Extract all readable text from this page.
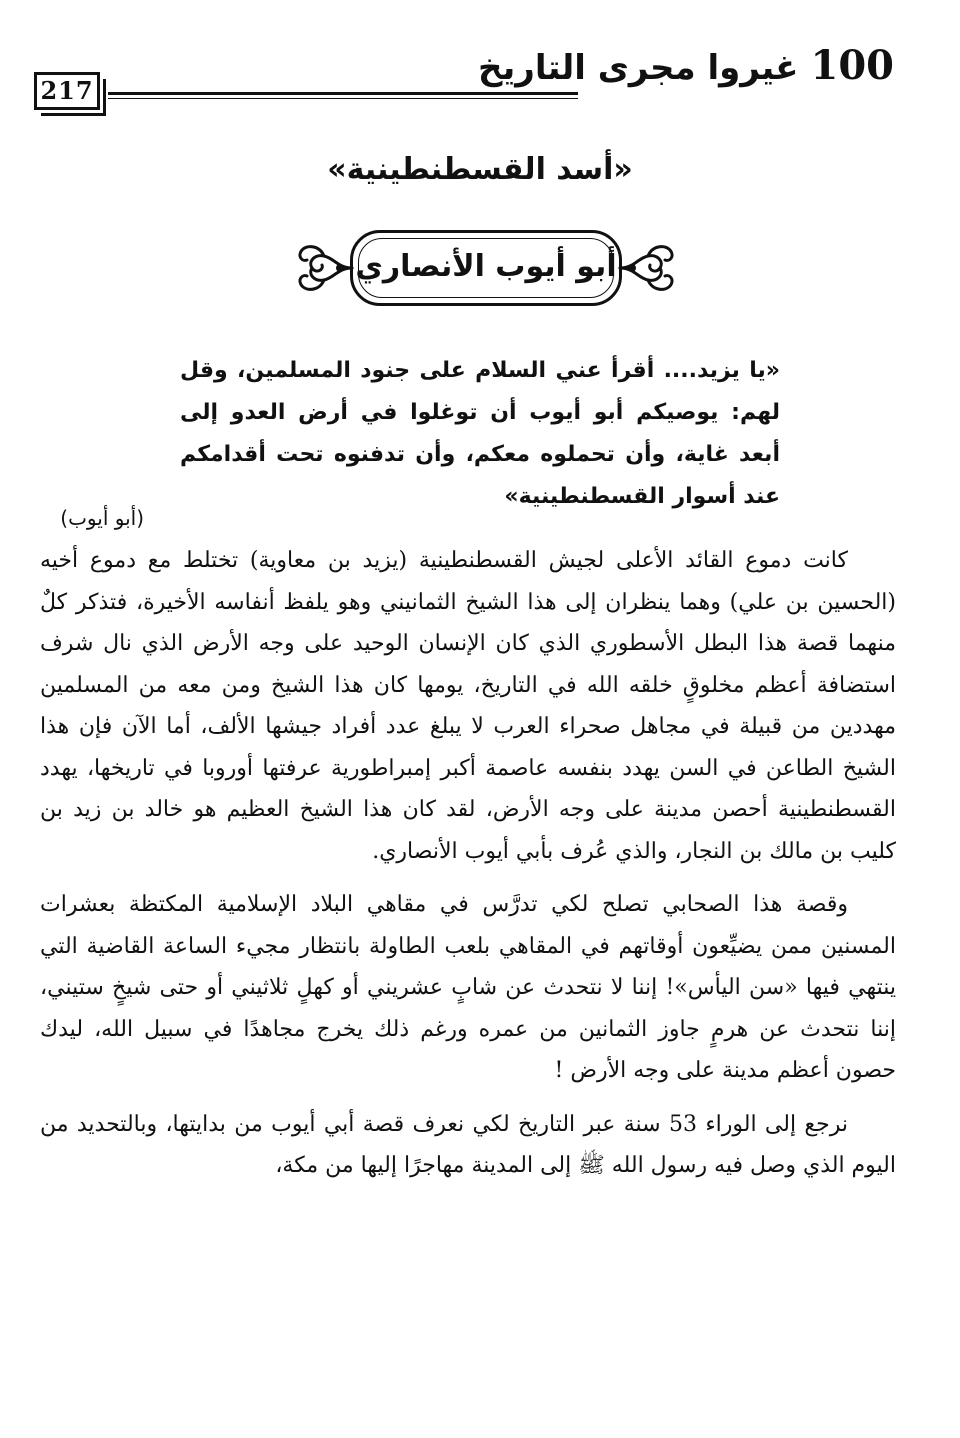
217
100غيروا مجرى التاريخ
«أسد القسطنطينية»
أبو أيوب الأنصاري
«يا يزيد.... أقرأ عني السلام على جنود المسلمين، وقل لهم: يوصيكم أبو أيوب أن توغلوا في أرض العدو إلى أبعد غاية، وأن تحملوه معكم، وأن تدفنوه تحت أقدامكم عند أسوار القسطنطينية»
(أبو أيوب)

كانت دموع القائد الأعلى لجيش القسطنطينية (يزيد بن معاوية) تختلط مع دموع أخيه (الحسين بن علي) وهما ينظران إلى هذا الشيخ الثمانيني وهو يلفظ أنفاسه الأخيرة، فتذكر كلٌ منهما قصة هذا البطل الأسطوري الذي كان الإنسان الوحيد على وجه الأرض الذي نال شرف استضافة أعظم مخلوقٍ خلقه الله في التاريخ، يومها كان هذا الشيخ ومن معه من المسلمين مهددين من قبيلة في مجاهل صحراء العرب لا يبلغ عدد أفراد جيشها الألف، أما الآن فإن هذا الشيخ الطاعن في السن يهدد بنفسه عاصمة أكبر إمبراطورية عرفتها أوروبا في تاريخها، يهدد القسطنطينية أحصن مدينة على وجه الأرض، لقد كان هذا الشيخ العظيم هو خالد بن زيد بن كليب بن مالك بن النجار، والذي عُرف بأبي أيوب الأنصاري.

وقصة هذا الصحابي تصلح لكي تدرَّس في مقاهي البلاد الإسلامية المكتظة بعشرات المسنين ممن يضيِّعون أوقاتهم في المقاهي بلعب الطاولة بانتظار مجيء الساعة القاضية التي ينتهي فيها «سن اليأس»! إننا لا نتحدث عن شابٍ عشريني أو كهلٍ ثلاثيني أو حتى شيخٍ ستيني، إننا نتحدث عن هرمٍ جاوز الثمانين من عمره ورغم ذلك يخرج مجاهدًا في سبيل الله، ليدك حصون أعظم مدينة على وجه الأرض !

نرجع إلى الوراء 53 سنة عبر التاريخ لكي نعرف قصة أبي أيوب من بدايتها، وبالتحديد من اليوم الذي وصل فيه رسول الله ﷺ إلى المدينة مهاجرًا إليها من مكة،
